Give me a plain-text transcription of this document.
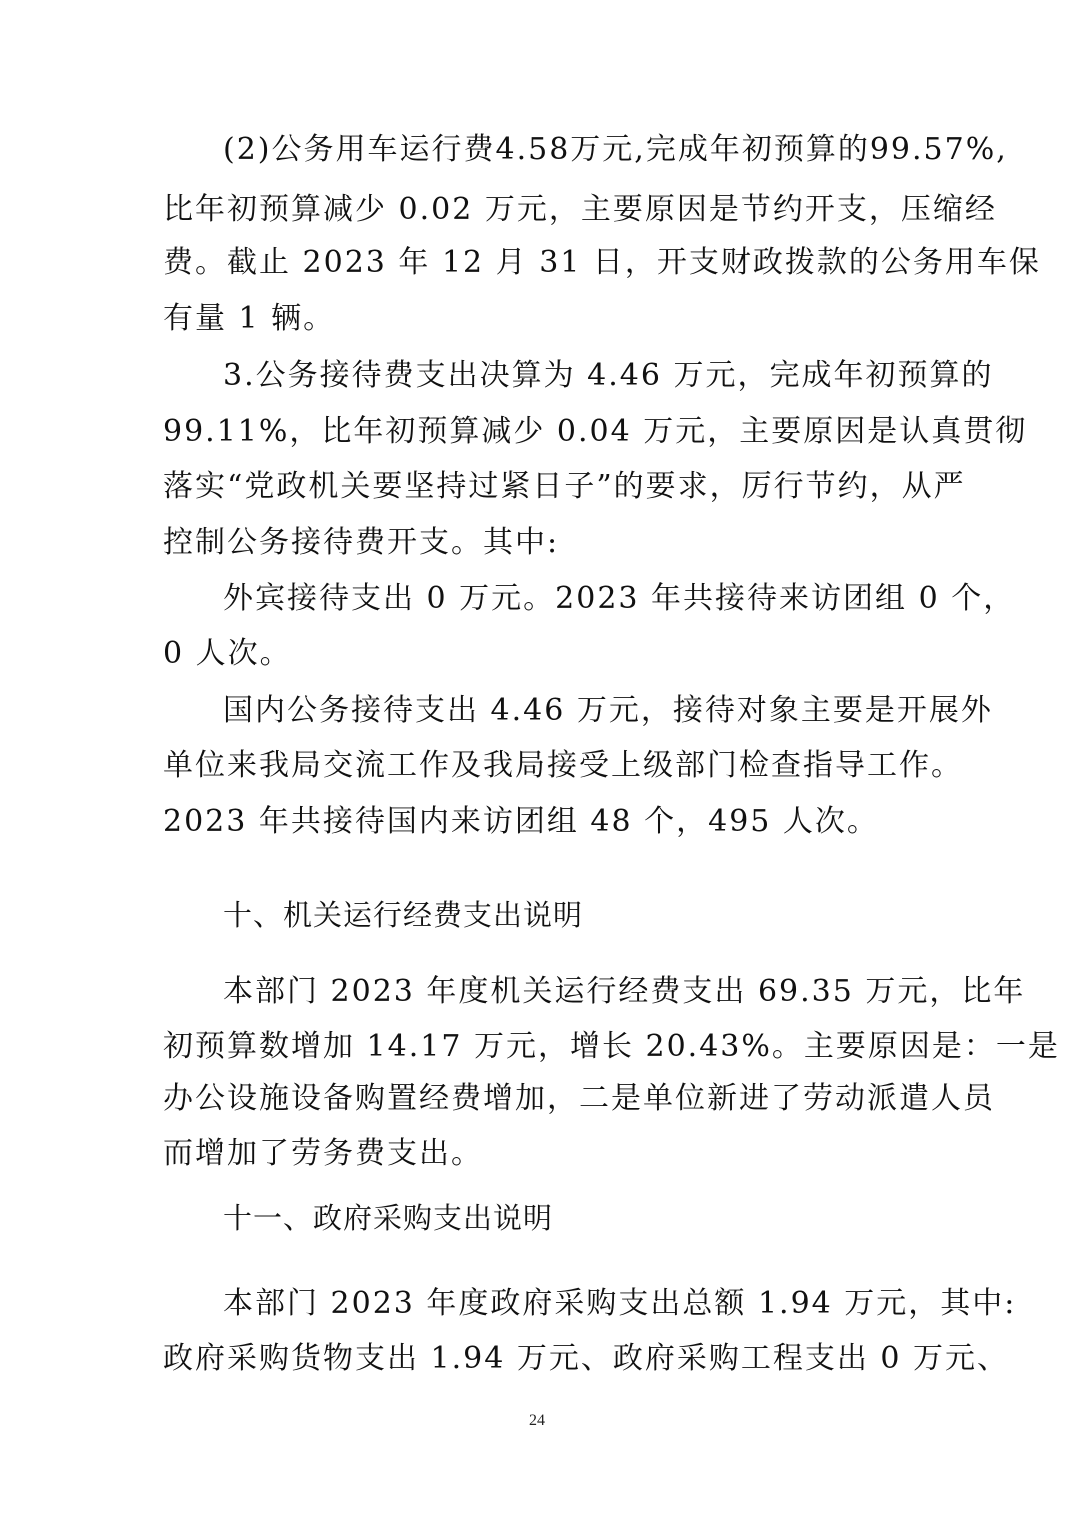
(2)公务用车运行费4.58万元,完成年初预算的99.57%,
比年初预算减少 0.02 万元，主要原因是节约开支，压缩经
费。截止 2023 年 12 月 31 日，开支财政拨款的公务用车保
有量 1 辆。
3.公务接待费支出决算为 4.46 万元，完成年初预算的
99.11%，比年初预算减少 0.04 万元，主要原因是认真贯彻
落实“党政机关要坚持过紧日子”的要求，厉行节约，从严
控制公务接待费开支。其中:
外宾接待支出 0 万元。2023 年共接待来访团组 0 个，
0 人次。
国内公务接待支出 4.46 万元，接待对象主要是开展外
单位来我局交流工作及我局接受上级部门检查指导工作。
2023 年共接待国内来访团组 48 个，495 人次。
十、机关运行经费支出说明
本部门 2023 年度机关运行经费支出 69.35 万元，比年
初预算数增加 14.17 万元，增长 20.43%。主要原因是：一是
办公设施设备购置经费增加，二是单位新进了劳动派遣人员
而增加了劳务费支出。
十一、政府采购支出说明
本部门 2023 年度政府采购支出总额 1.94 万元，其中:
政府采购货物支出 1.94 万元、政府采购工程支出 0 万元、
24
